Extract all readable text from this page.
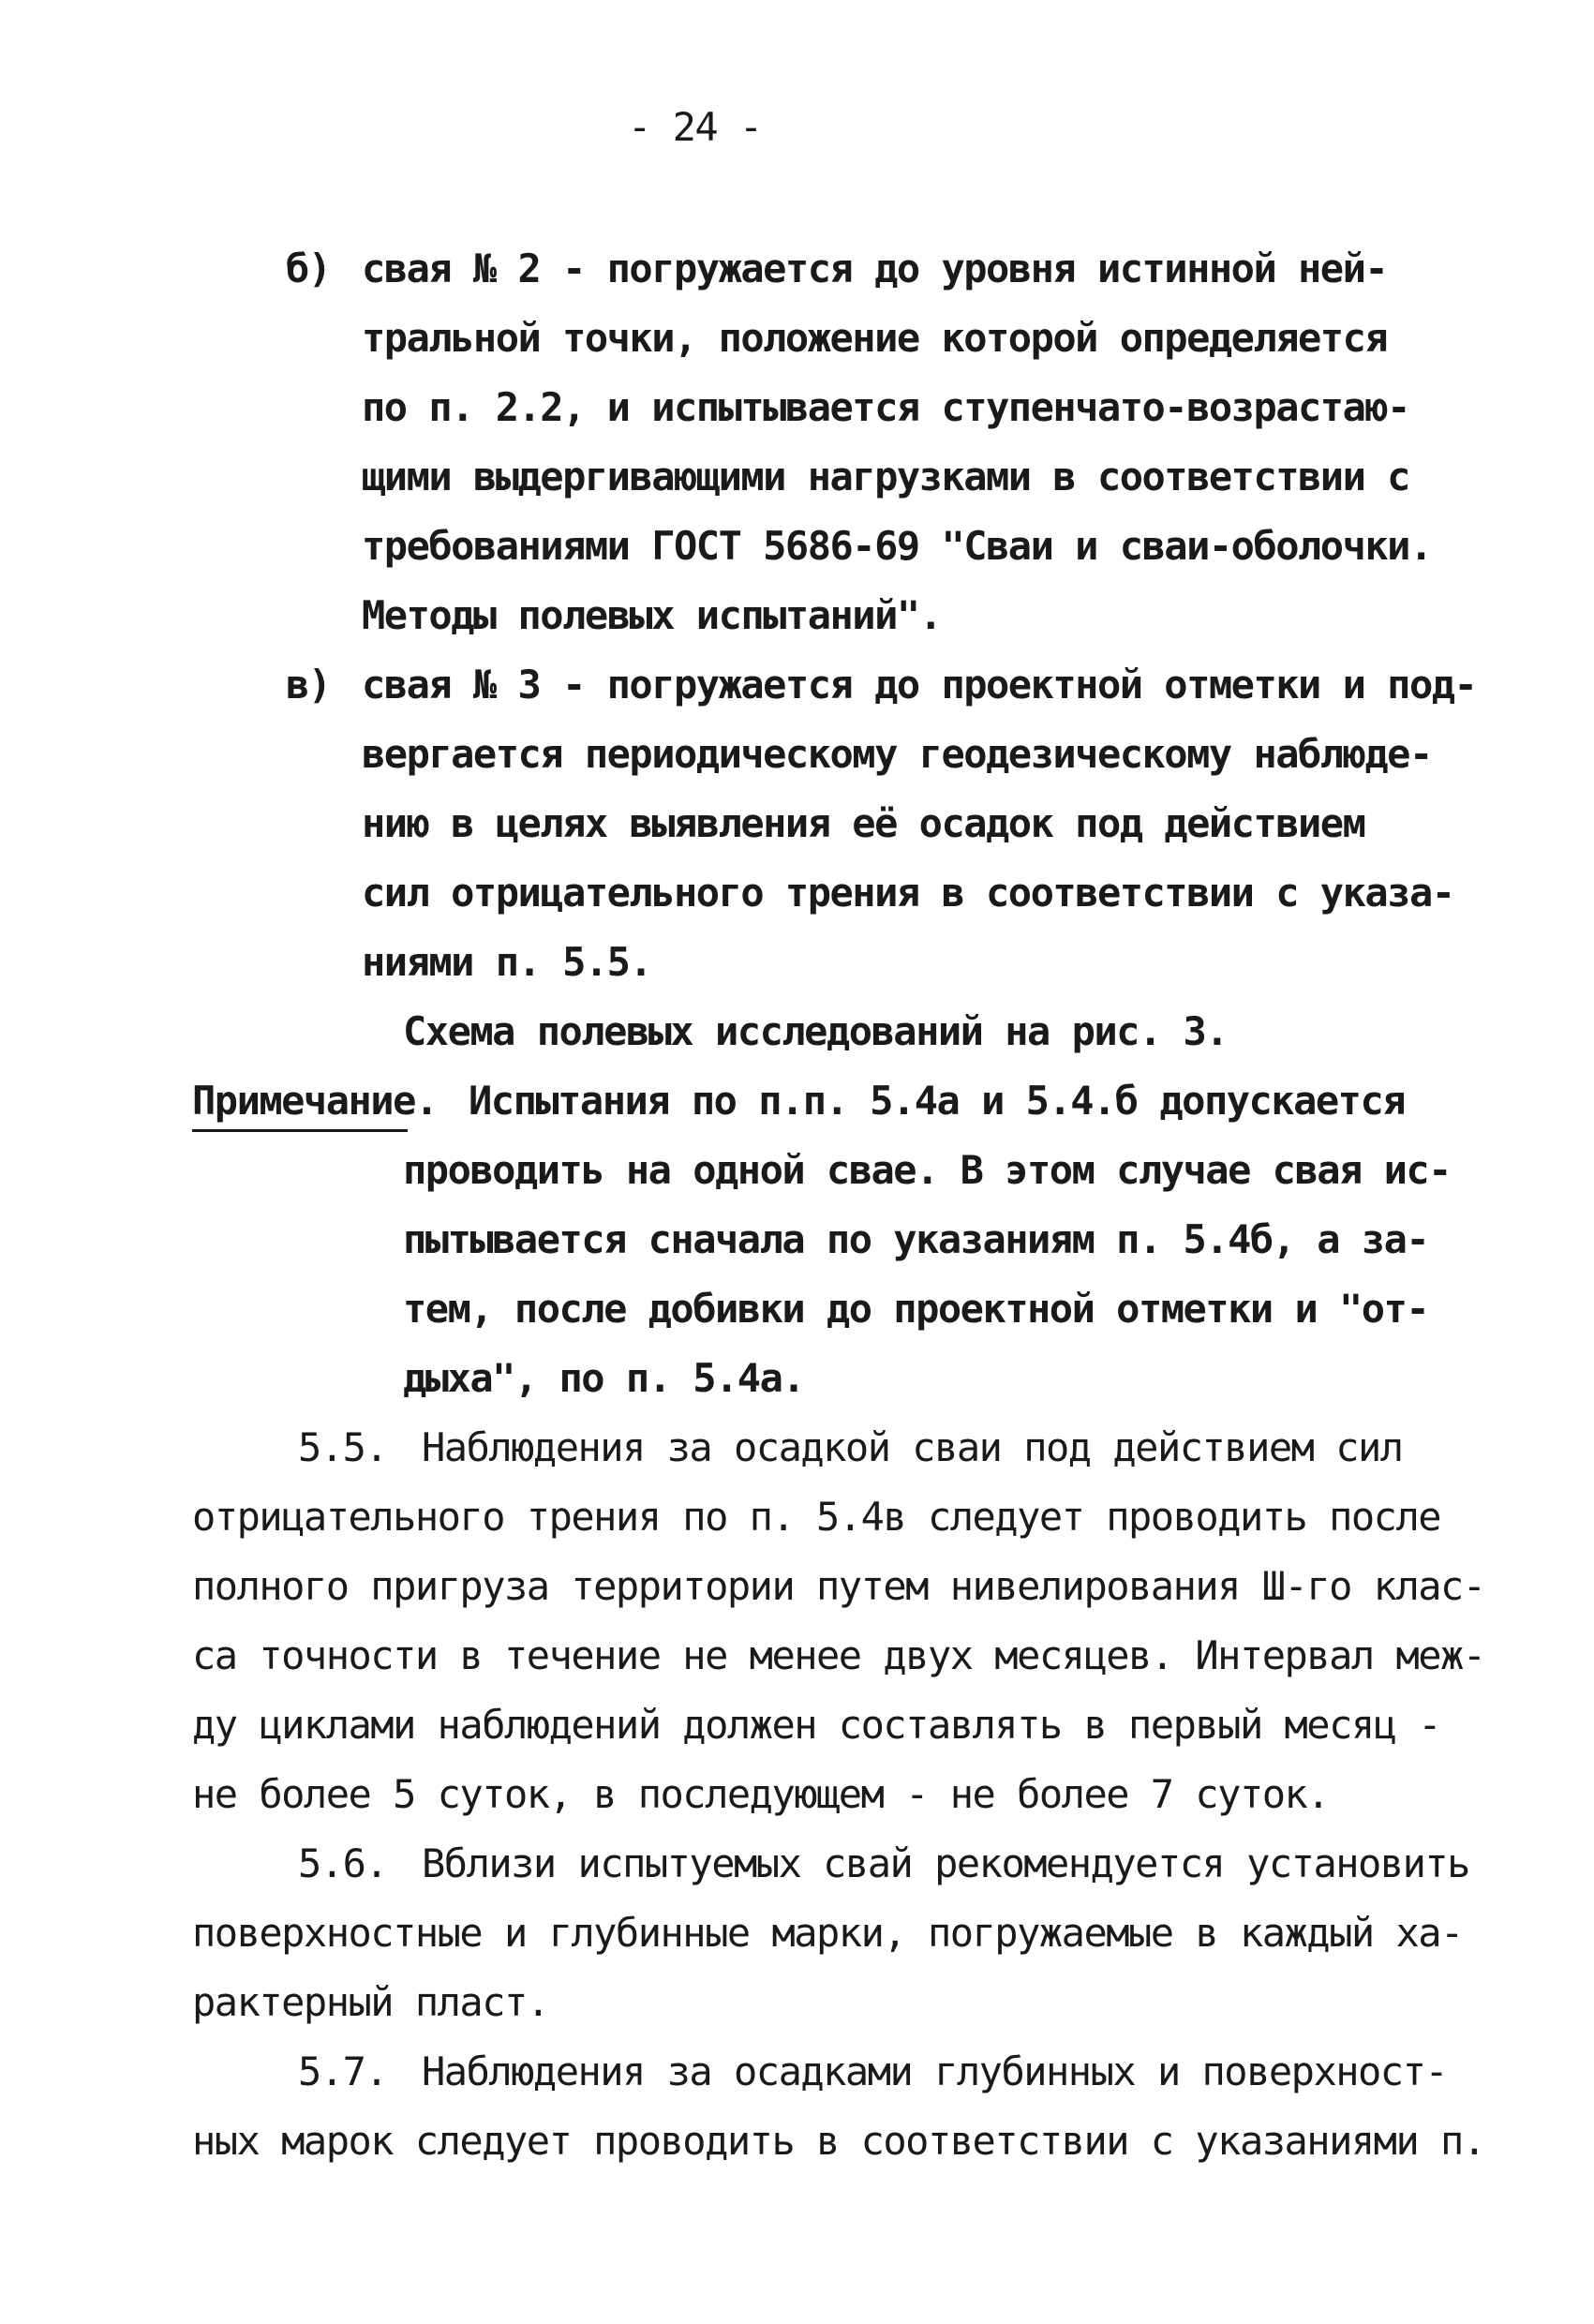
- 24 -
б) свая № 2 - погружается до уровня истинной ней-
тральной точки, положение которой определяется
по п. 2.2, и испытывается ступенчато-возрастаю-
щими выдергивающими нагрузками в соответствии с
требованиями ГОСТ 5686-69 "Сваи и сваи-оболочки.
Методы полевых испытаний".
в) свая № 3 - погружается до проектной отметки и под-
вергается периодическому геодезическому наблюде-
нию в целях выявления её осадок под действием
сил отрицательного трения в соответствии с указа-
ниями п. 5.5.
Схема полевых исследований на рис. 3.
Примечание. Испытания по п.п. 5.4а и 5.4.б допускается
проводить на одной свае. В этом случае свая ис-
пытывается сначала по указаниям п. 5.4б, а за-
тем, после добивки до проектной отметки и "от-
дыха", по п. 5.4а.
5.5. Наблюдения за осадкой сваи под действием сил
отрицательного трения по п. 5.4в следует проводить после
полного пригруза территории путем нивелирования Ш-го клас-
са точности в течение не менее двух месяцев. Интервал меж-
ду циклами наблюдений должен составлять в первый месяц -
не более 5 суток, в последующем - не более 7 суток.
5.6. Вблизи испытуемых свай рекомендуется установить
поверхностные и глубинные марки, погружаемые в каждый ха-
рактерный пласт.
5.7. Наблюдения за осадками глубинных и поверхност-
ных марок следует проводить в соответствии с указаниями п.
